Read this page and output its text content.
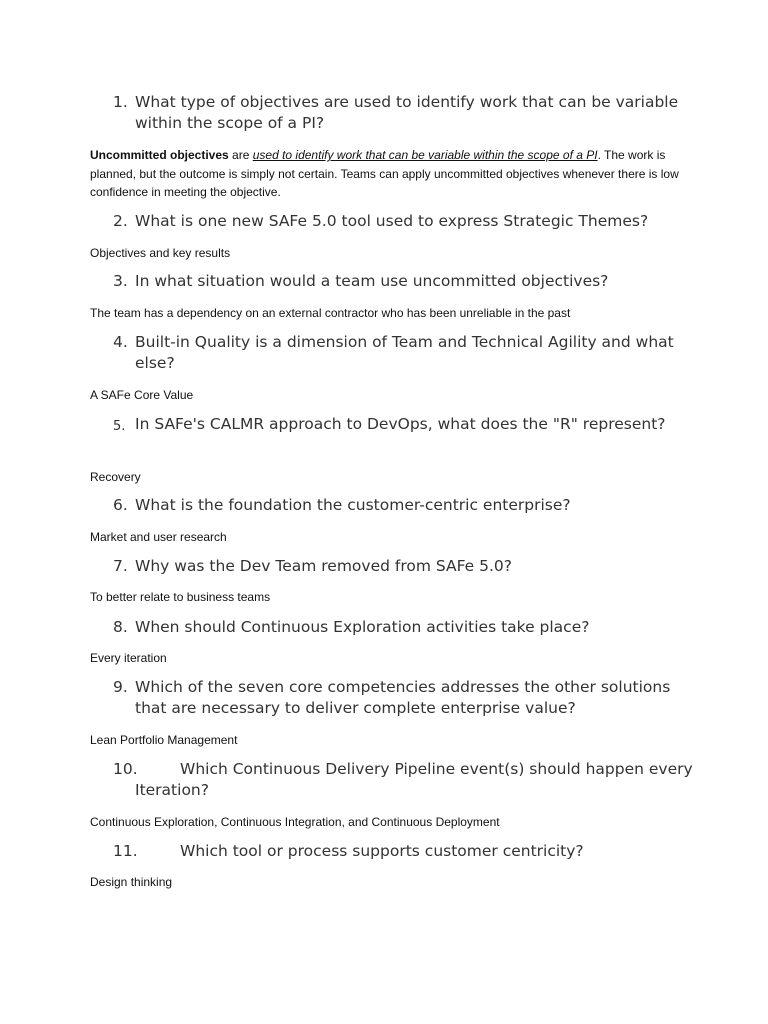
1. What type of objectives are used to identify work that can be variable within the scope of a PI?
Uncommitted objectives are used to identify work that can be variable within the scope of a PI. The work is planned, but the outcome is simply not certain. Teams can apply uncommitted objectives whenever there is low confidence in meeting the objective.
2. What is one new SAFe 5.0 tool used to express Strategic Themes?
Objectives and key results
3. In what situation would a team use uncommitted objectives?
The team has a dependency on an external contractor who has been unreliable in the past
4. Built-in Quality is a dimension of Team and Technical Agility and what else?
A SAFe Core Value
5. In SAFe's CALMR approach to DevOps, what does the "R" represent?
Recovery
6. What is the foundation the customer-centric enterprise?
Market and user research
7. Why was the Dev Team removed from SAFe 5.0?
To better relate to business teams
8. When should Continuous Exploration activities take place?
Every iteration
9. Which of the seven core competencies addresses the other solutions that are necessary to deliver complete enterprise value?
Lean Portfolio Management
10.	Which Continuous Delivery Pipeline event(s) should happen every Iteration?
Continuous Exploration, Continuous Integration, and Continuous Deployment
11.	Which tool or process supports customer centricity?
Design thinking
